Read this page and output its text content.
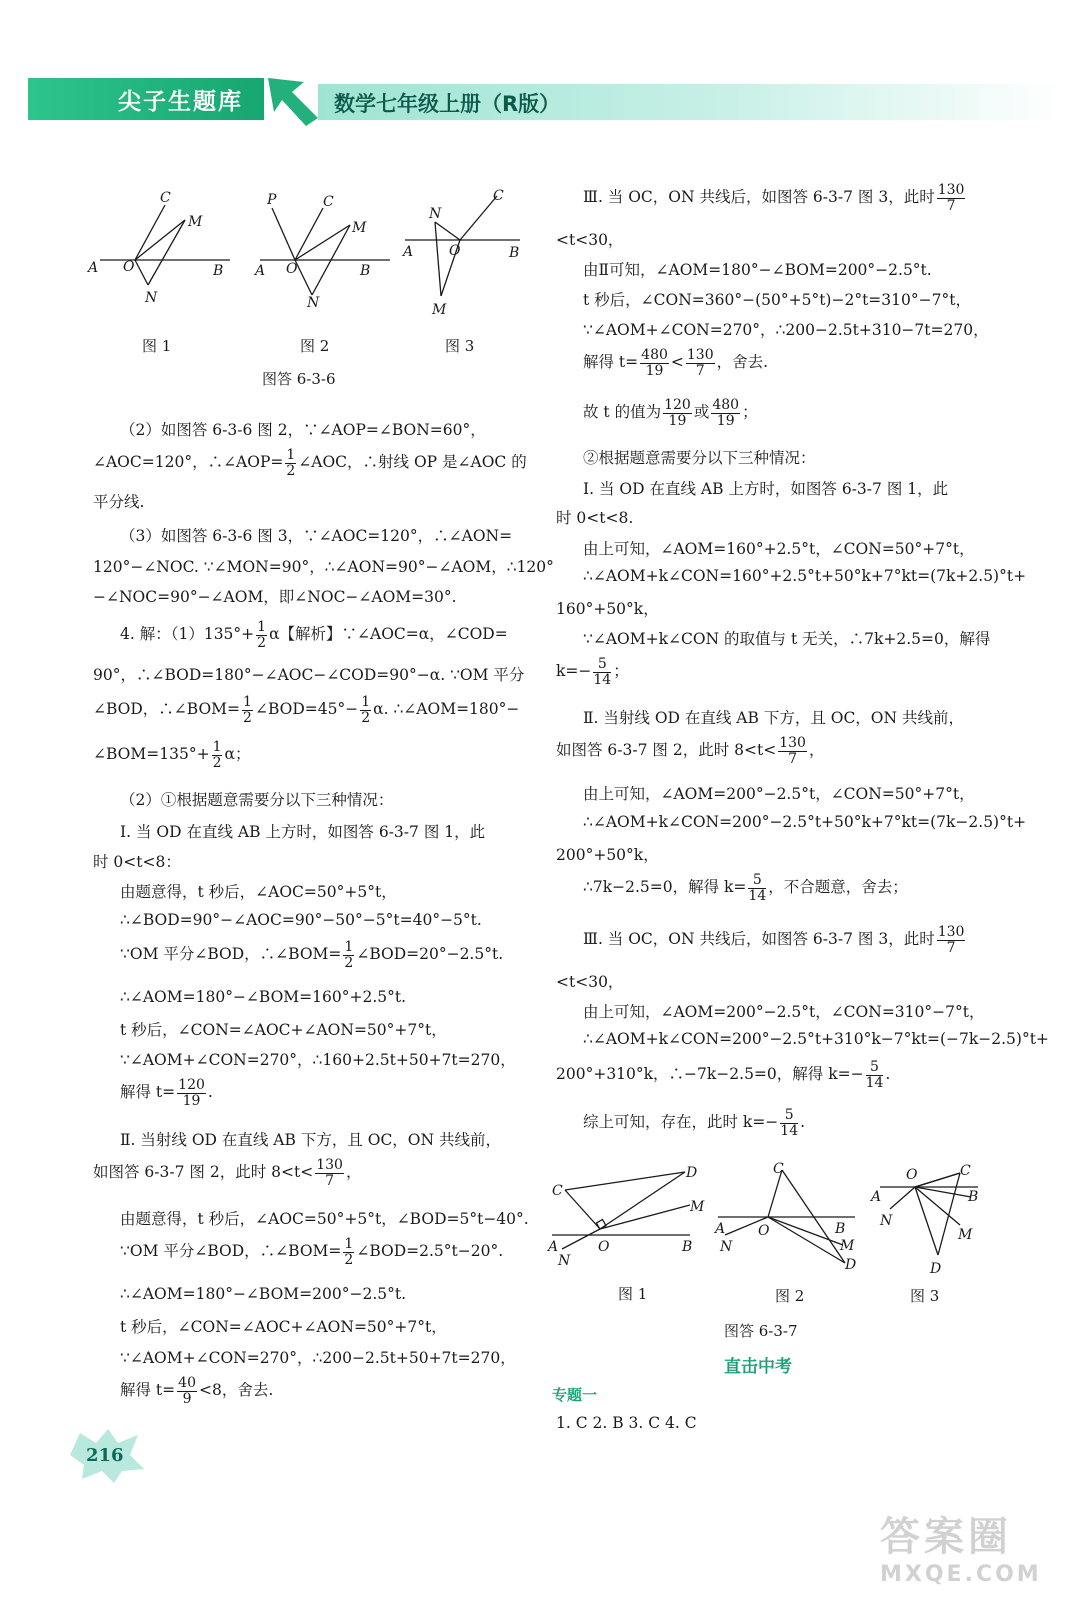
尖子生题库	数学七年级上册（R版）
A O	B
C
M
N
A O	B
P	C
M
N
A	O	B
C
N
M
图 1	图 2	图 3
图答 6-3-6
（2）如图答 6-3-6 图 2，∵∠AOP=∠BON=60°，
∠AOC=120°，∴∠AOP= $\frac{1}{2}$ ∠AOC，∴射线 OP 是∠AOC 的
平分线.
（3）如图答 6-3-6 图 3，∵∠AOC=120°，∴∠AON=
120°−∠NOC. ∵∠MON=90°，∴∠AON=90°−∠AOM，∴120°
−∠NOC=90°−∠AOM，即∠NOC−∠AOM=30°.
4. 解：$(1)135^\circ+ \frac{1}{2}$ α【解析】∵∠AOC=α，∠COD=
90°，∴∠BOD=180°−∠AOC−∠COD=90°−α. ∵OM 平分
∠BOD，∴∠BOM= $\frac{1}{2}$ ∠BOD=45°− $\frac{1}{2} \alpha$. ∴∠AOM=180°−
∠BOM=135°+ $\frac{1}{2}$ α；
（2）①根据题意需要分以下三种情况：
Ⅰ. 当 OD 在直线 AB 上方时，如图答 6-3-7 图 1，此
时 0<t<8：
由题意得，t 秒后，∠AOC=50°+5°t，
∴∠BOD=90°−∠AOC=90°−50°−5°t=40°−5°t.
∵OM 平分∠BOD，∴∠BOM= $\frac{1}{2}$ ∠BOD=20°−2.5°t.
∴∠AOM=180°−∠BOM=160°+2.5°t.
t 秒后，∠CON=∠AOC+∠AON=50°+7°t，
∵∠AOM+∠CON=270°，∴160+2.5t+50+7t=270，
解得 $t= \frac{120}{19}$ .
Ⅱ. 当射线 OD 在直线 AB 下方，且 OC，ON 共线前，
如图答 6-3-7 图 2，此时 $8<t< \frac{130}{7}$ ，
由题意得，t 秒后，∠AOC=50°+5°t，∠BOD=5°t−40°.
∵OM 平分∠BOD，∴∠BOM= $\frac{1}{2}$ ∠BOD=2.5°t−20°.
∴∠AOM=180°−∠BOM=200°−2.5°t.
t 秒后，∠CON=∠AOC+∠AON=50°+7°t，
∵∠AOM+∠CON=270°，∴200−2.5t+50+7t=270，
解得 $t= \frac{40}{9} <8$，舍去.
Ⅲ. 当 OC，ON 共线后，如图答 6-3-7 图 3，此时 $\frac{130}{7}$
<t<30，
由Ⅱ可知，∠AOM=180°−∠BOM=200°−2.5°t.
t 秒后，∠CON=360°−(50°+5°t)−2°t=310°−7°t，
∵∠AOM+∠CON=270°，∴200−2.5t+310−7t=270，
解得 $t= \frac{480}{19} < \frac{130}{7}$ ，舍去.
故 t 的值为 $\frac{120}{19}$ 或 $\frac{480}{19}$ ；
②根据题意需要分以下三种情况：
Ⅰ. 当 OD 在直线 AB 上方时，如图答 6-3-7 图 1，此
时 0<t<8.
由上可知，∠AOM=160°+2.5°t，∠CON=50°+7°t，
∴∠AOM+k∠CON=160°+2.5°t+50°k+7°kt=(7k+2.5)°t+
160°+50°k，
∵∠AOM+k∠CON 的取值与 t 无关，∴7k+2.5=0，解得
$k=- \frac{5}{14}$ ；
Ⅱ. 当射线 OD 在直线 AB 下方，且 OC，ON 共线前，
如图答 6-3-7 图 2，此时 $8<t< \frac{130}{7}$ ，
由上可知，∠AOM=200°−2.5°t，∠CON=50°+7°t，
∴∠AOM+k∠CON=200°−2.5°t+50°k+7°kt=(7k−2.5)°t+
200°+50°k，
∴7k−2.5=0，解得 $k= \frac{5}{14}$ ，不合题意，舍去；
Ⅲ. 当 OC，ON 共线后，如图答 6-3-7 图 3，此时 $\frac{130}{7}$
<t<30，
由上可知，∠AOM=200°−2.5°t，∠CON=310°−7°t，
∴∠AOM+k∠CON=200°−2.5°t+310°k−7°kt=(−7k−2.5)°t+
200°+310°k，∴−7k−2.5=0，解得 $k=- \frac{5}{14}$ .
综上可知，存在，此时 $k=- \frac{5}{14}$ .
C
D
M
A	O	B
N
C
A O	B
M
D
N
O	C
A	B
N
M
D
图 1	图 2	图 3
图答 6-3-7
直击中考
专题一
1. C 2. B 3. C 4. C
216
答案圈
MXQE.COM
